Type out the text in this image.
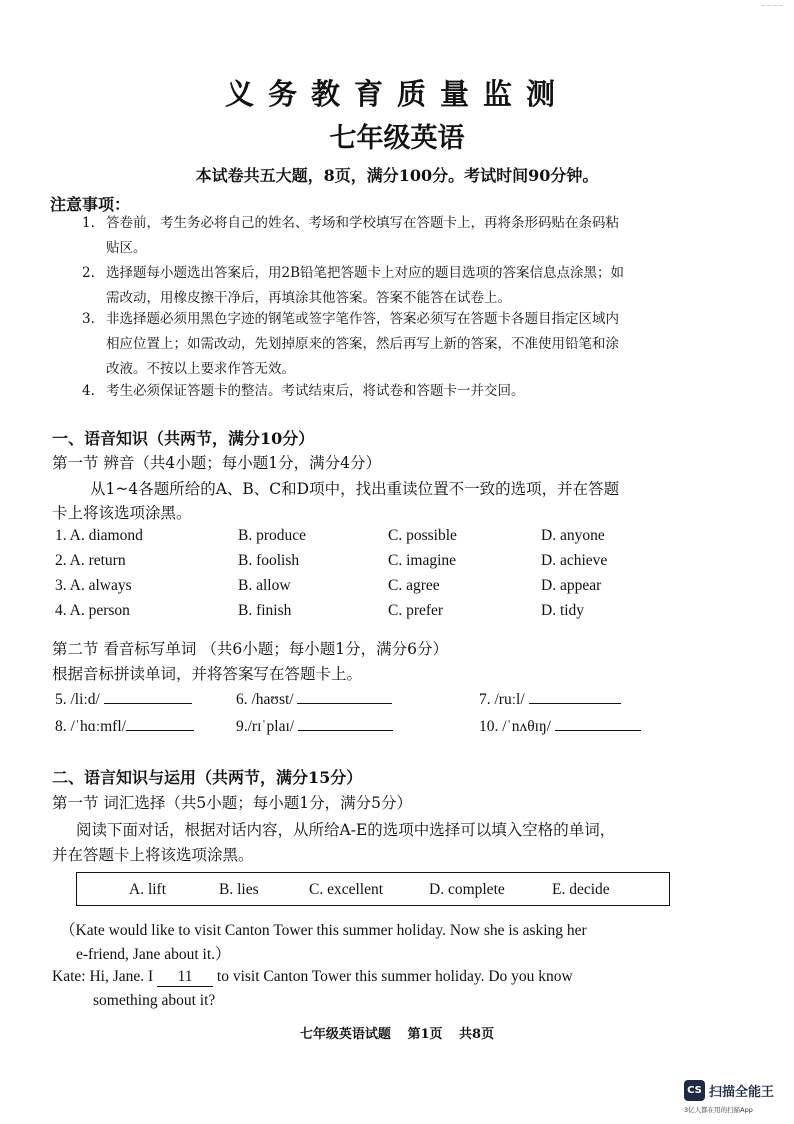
~~~~
义务教育质量监测
七年级英语
本试卷共五大题，8页，满分100分。考试时间90分钟。
注意事项：
1. 答卷前，考生务必将自己的姓名、考场和学校填写在答题卡上，再将条形码贴在条码粘
贴区。
2. 选择题每小题选出答案后，用2B铅笔把答题卡上对应的题目选项的答案信息点涂黑；如
需改动，用橡皮擦干净后，再填涂其他答案。答案不能答在试卷上。
3. 非选择题必须用黑色字迹的钢笔或签字笔作答，答案必须写在答题卡各题目指定区域内
相应位置上；如需改动，先划掉原来的答案，然后再写上新的答案，不准使用铅笔和涂
改液。不按以上要求作答无效。
4. 考生必须保证答题卡的整洁。考试结束后，将试卷和答题卡一并交回。
一、语音知识（共两节，满分10分）
第一节 辨音（共4小题；每小题1分，满分4分）
从1~4各题所给的A、B、C和D项中，找出重读位置不一致的选项，并在答题
卡上将该选项涂黑。
1. A. diamond	B. produce	C. possible	D. anyone
2. A. return	B. foolish	C. imagine	D. achieve
3. A. always	B. allow	C. agree	D. appear
4. A. person	B. finish	C. prefer	D. tidy
第二节 看音标写单词 （共6小题；每小题1分，满分6分）
根据音标拼读单词，并将答案写在答题卡上。
5. /liːd/	6. /haʊst/	7. /ruːl/
8. /ˈhɑːmfl/	9./rɪˈplaɪ/	10. /ˈnʌθɪŋ/
二、语言知识与运用（共两节，满分15分）
第一节 词汇选择（共5小题；每小题1分，满分5分）
阅读下面对话，根据对话内容，从所给A-E的选项中选择可以填入空格的单词，
并在答题卡上将该选项涂黑。
A. lift	B. lies	C. excellent	D. complete	E. decide
（Kate would like to visit Canton Tower this summer holiday. Now she is asking her
e-friend, Jane about it.）
Kate: Hi, Jane. I 11 to visit Canton Tower this summer holiday. Do you know
something about it?
七年级英语试题 第1页 共8页
CS 扫描全能王
3亿人都在用的扫描App
